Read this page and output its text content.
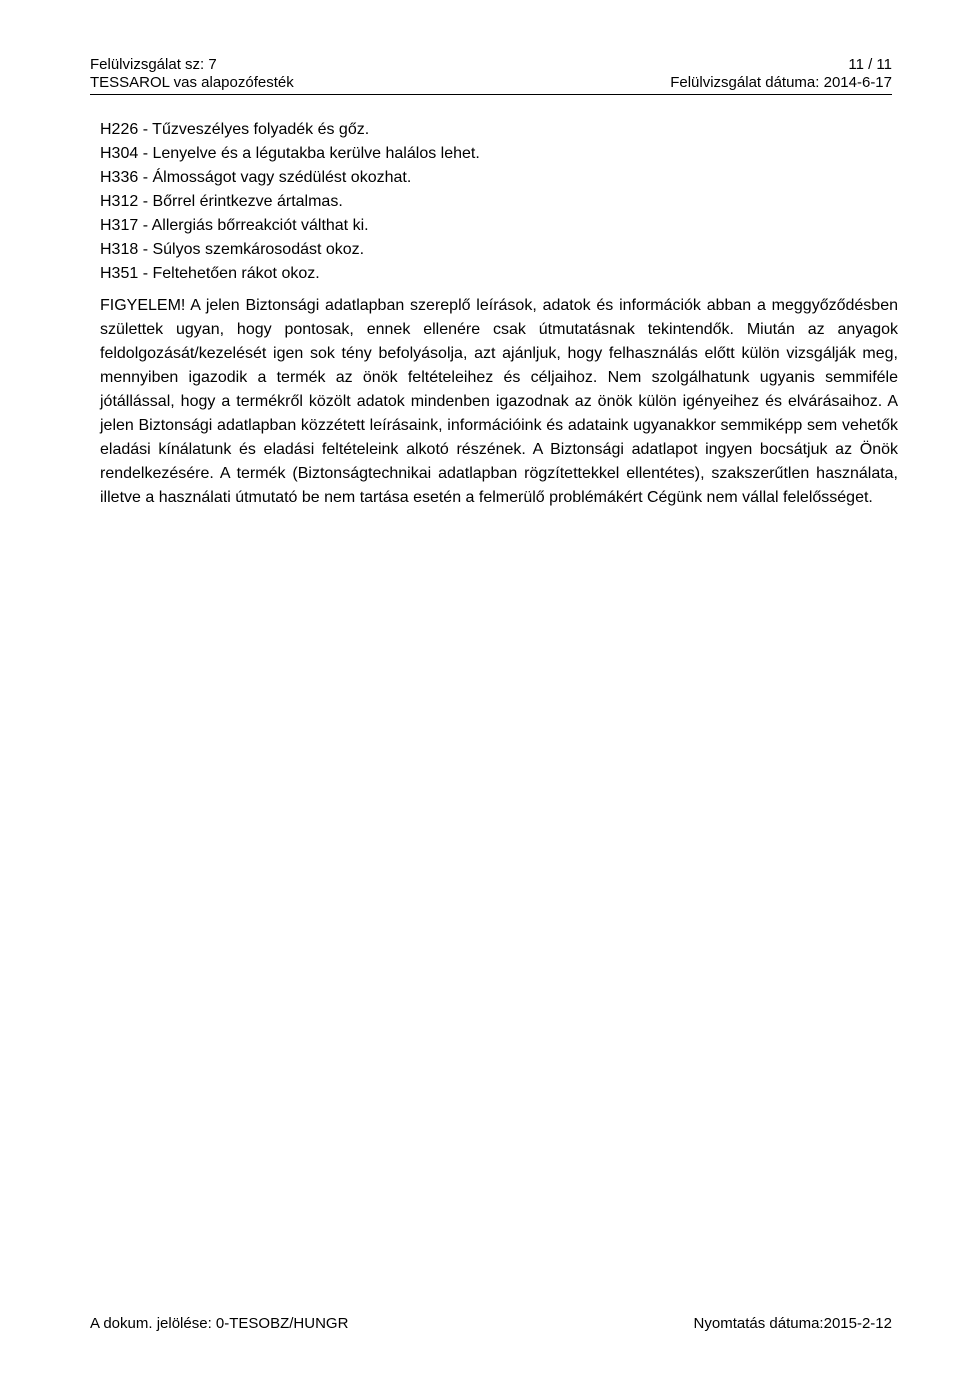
Felülvizsgálat sz: 7	11 / 11
TESSAROL vas alapozófesték	Felülvizsgálat dátuma: 2014-6-17
H226 - Tűzveszélyes folyadék és gőz.
H304 - Lenyelve és a légutakba kerülve halálos lehet.
H336 - Álmosságot vagy szédülést okozhat.
H312 - Bőrrel érintkezve ártalmas.
H317 - Allergiás bőrreakciót válthat ki.
H318 - Súlyos szemkárosodást okoz.
H351 - Feltehetően rákot okoz.

FIGYELEM! A jelen Biztonsági adatlapban szereplő leírások, adatok és információk abban a meggyőződésben születtek ugyan, hogy pontosak, ennek ellenére csak útmutatásnak tekintendők. Miután az anyagok feldolgozását/kezelését igen sok tény befolyásolja, azt ajánljuk, hogy felhasználás előtt külön vizsgálják meg, mennyiben igazodik a termék az önök feltételeihez és céljaihoz. Nem szolgálhatunk ugyanis semmiféle jótállással, hogy a termékről közölt adatok mindenben igazodnak az önök külön igényeihez és elvárásaihoz. A jelen Biztonsági adatlapban közzétett leírásaink, információink és adataink ugyanakkor semmiképp sem vehetők eladási kínálatunk és eladási feltételeink alkotó részének. A Biztonsági adatlapot ingyen bocsátjuk az Önök rendelkezésére. A termék (Biztonságtechnikai adatlapban rögzítettekkel ellentétes), szakszerűtlen használata, illetve a használati útmutató be nem tartása esetén a felmerülő problémákért Cégünk nem vállal felelősséget.

A dokum. jelölése: 0-TESOBZ/HUNGR	Nyomtatás dátuma:2015-2-12
